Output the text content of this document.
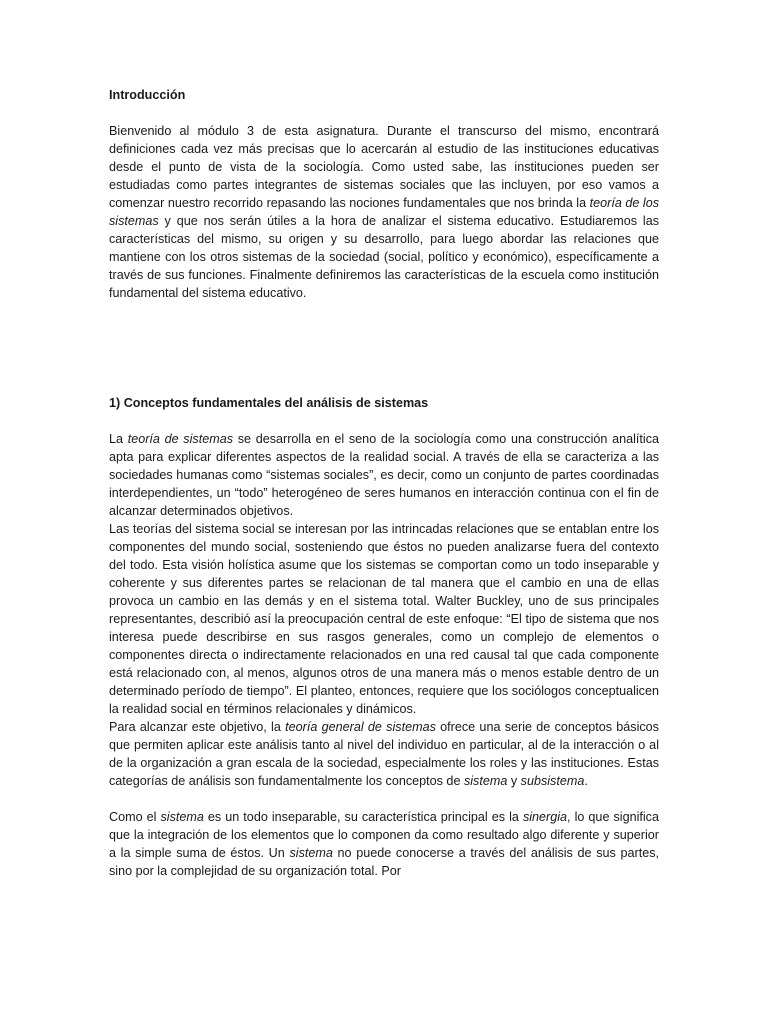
Introducción

Bienvenido al módulo 3 de esta asignatura. Durante el transcurso del mismo, encontrará definiciones cada vez más precisas que lo acercarán al estudio de las instituciones educativas desde el punto de vista de la sociología. Como usted sabe, las instituciones pueden ser estudiadas como partes integrantes de sistemas sociales que las incluyen, por eso vamos a comenzar nuestro recorrido repasando las nociones fundamentales que nos brinda la teoría de los sistemas y que nos serán útiles a la hora de analizar el sistema educativo. Estudiaremos las características del mismo, su origen y su desarrollo, para luego abordar las relaciones que mantiene con los otros sistemas de la sociedad (social, político y económico), específicamente a través de sus funciones. Finalmente definiremos las características de la escuela como institución fundamental del sistema educativo.

1) Conceptos fundamentales del análisis de sistemas

La teoría de sistemas se desarrolla en el seno de la sociología como una construcción analítica apta para explicar diferentes aspectos de la realidad social. A través de ella se caracteriza a las sociedades humanas como “sistemas sociales”, es decir, como un conjunto de partes coordinadas interdependientes, un “todo” heterogéneo de seres humanos en interacción continua con el fin de alcanzar determinados objetivos.

Las teorías del sistema social se interesan por las intrincadas relaciones que se entablan entre los componentes del mundo social, sosteniendo que éstos no pueden analizarse fuera del contexto del todo. Esta visión holística asume que los sistemas se comportan como un todo inseparable y coherente y sus diferentes partes se relacionan de tal manera que el cambio en una de ellas provoca un cambio en las demás y en el sistema total. Walter Buckley, uno de sus principales representantes, describió así la preocupación central de este enfoque: “El tipo de sistema que nos interesa puede describirse en sus rasgos generales, como un complejo de elementos o componentes directa o indirectamente relacionados en una red causal tal que cada componente está relacionado con, al menos, algunos otros de una manera más o menos estable dentro de un determinado período de tiempo”. El planteo, entonces, requiere que los sociólogos conceptualicen la realidad social en términos relacionales y dinámicos.

Para alcanzar este objetivo, la teoría general de sistemas ofrece una serie de conceptos básicos que permiten aplicar este análisis tanto al nivel del individuo en particular, al de la interacción o al de la organización a gran escala de la sociedad, especialmente los roles y las instituciones. Estas categorías de análisis son fundamentalmente los conceptos de sistema y subsistema.

Como el sistema es un todo inseparable, su característica principal es la sinergia, lo que significa que la integración de los elementos que lo componen da como resultado algo diferente y superior a la simple suma de éstos. Un sistema no puede conocerse a través del análisis de sus partes, sino por la complejidad de su organización total. Por
